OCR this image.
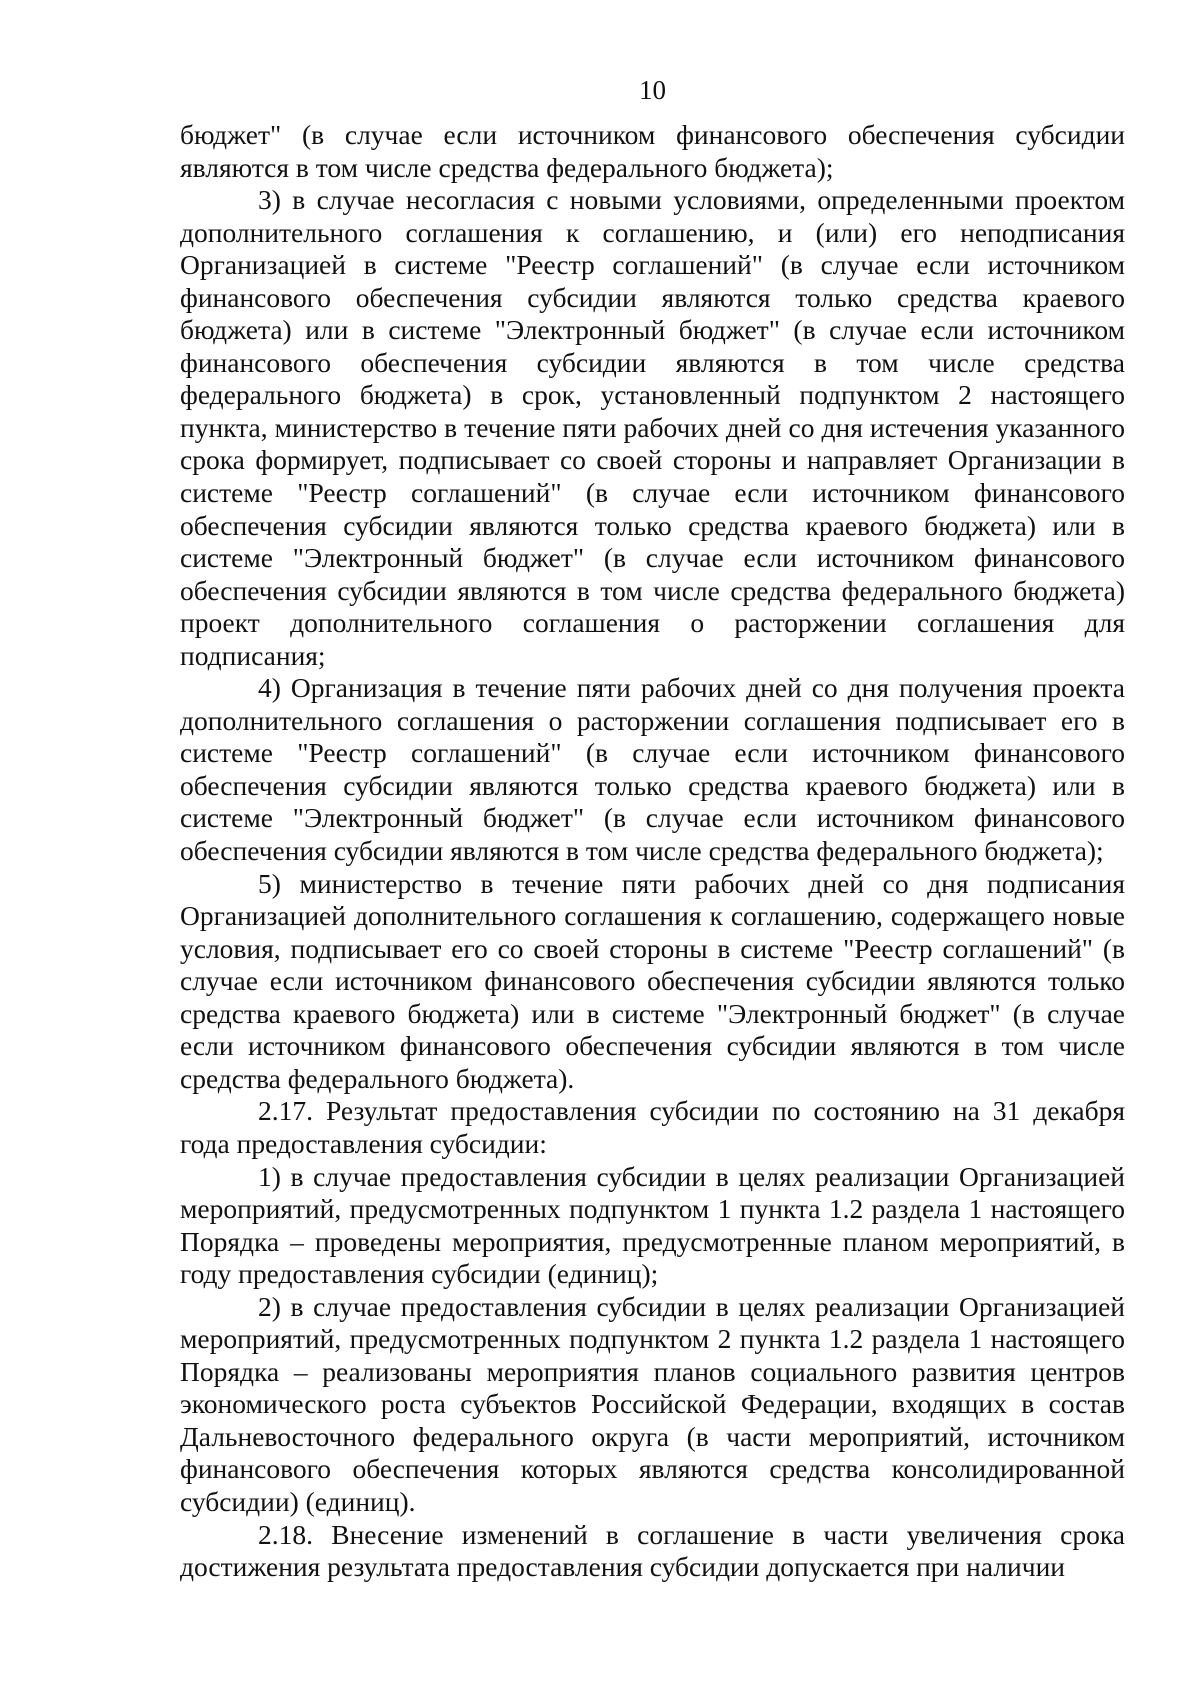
10

бюджет" (в случае если источником финансового обеспечения субсидии являются в том числе средства федерального бюджета);

3) в случае несогласия с новыми условиями, определенными проектом дополнительного соглашения к соглашению, и (или) его неподписания Организацией в системе "Реестр соглашений" (в случае если источником финансового обеспечения субсидии являются только средства краевого бюджета) или в системе "Электронный бюджет" (в случае если источником финансового обеспечения субсидии являются в том числе средства федерального бюджета) в срок, установленный подпунктом 2 настоящего пункта, министерство в течение пяти рабочих дней со дня истечения указанного срока формирует, подписывает со своей стороны и направляет Организации в системе "Реестр соглашений" (в случае если источником финансового обеспечения субсидии являются только средства краевого бюджета) или в системе "Электронный бюджет" (в случае если источником финансового обеспечения субсидии являются в том числе средства федерального бюджета) проект дополнительного соглашения о расторжении соглашения для подписания;

4) Организация в течение пяти рабочих дней со дня получения проекта дополнительного соглашения о расторжении соглашения подписывает его в системе "Реестр соглашений" (в случае если источником финансового обеспечения субсидии являются только средства краевого бюджета) или в системе "Электронный бюджет" (в случае если источником финансового обеспечения субсидии являются в том числе средства федерального бюджета);

5) министерство в течение пяти рабочих дней со дня подписания Организацией дополнительного соглашения к соглашению, содержащего новые условия, подписывает его со своей стороны в системе "Реестр соглашений" (в случае если источником финансового обеспечения субсидии являются только средства краевого бюджета) или в системе "Электронный бюджет" (в случае если источником финансового обеспечения субсидии являются в том числе средства федерального бюджета).

2.17. Результат предоставления субсидии по состоянию на 31 декабря года предоставления субсидии:

1) в случае предоставления субсидии в целях реализации Организацией мероприятий, предусмотренных подпунктом 1 пункта 1.2 раздела 1 настоящего Порядка – проведены мероприятия, предусмотренные планом мероприятий, в году предоставления субсидии (единиц);

2) в случае предоставления субсидии в целях реализации Организацией мероприятий, предусмотренных подпунктом 2 пункта 1.2 раздела 1 настоящего Порядка – реализованы мероприятия планов социального развития центров экономического роста субъектов Российской Федерации, входящих в состав Дальневосточного федерального округа (в части мероприятий, источником финансового обеспечения которых являются средства консолидированной субсидии) (единиц).

2.18. Внесение изменений в соглашение в части увеличения срока достижения результата предоставления субсидии допускается при наличии
